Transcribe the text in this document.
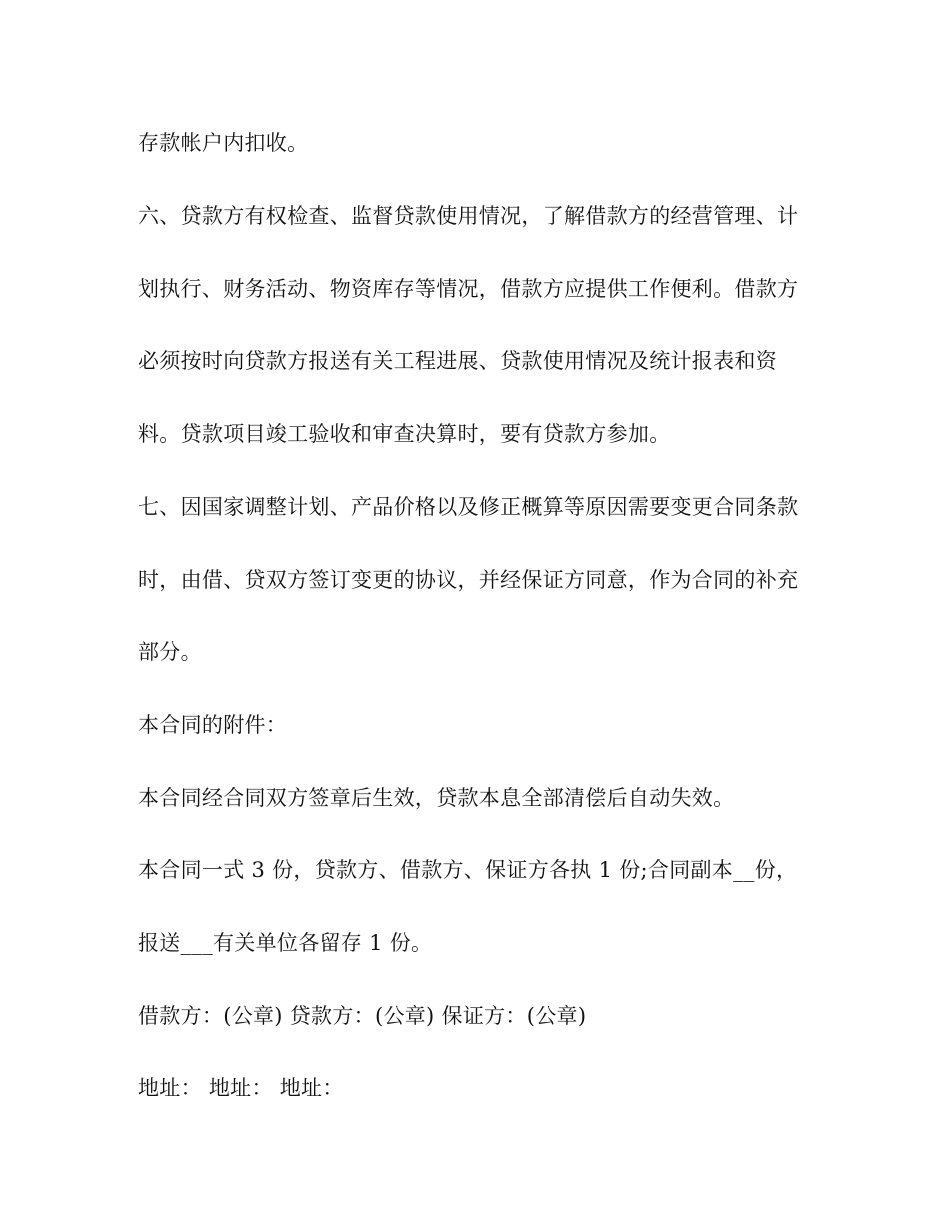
存款帐户内扣收。
六、贷款方有权检查、监督贷款使用情况，了解借款方的经营管理、计
划执行、财务活动、物资库存等情况，借款方应提供工作便利。借款方
必须按时向贷款方报送有关工程进展、贷款使用情况及统计报表和资
料。贷款项目竣工验收和审查决算时，要有贷款方参加。
七、因国家调整计划、产品价格以及修正概算等原因需要变更合同条款
时，由借、贷双方签订变更的协议，并经保证方同意，作为合同的补充
部分。
本合同的附件：
本合同经合同双方签章后生效，贷款本息全部清偿后自动失效。
本合同一式 3 份，贷款方、借款方、保证方各执 1 份;合同副本__份，
报送___有关单位各留存 1 份。
借款方：(公章) 贷款方：(公章) 保证方：(公章)
地址： 地址： 地址：
